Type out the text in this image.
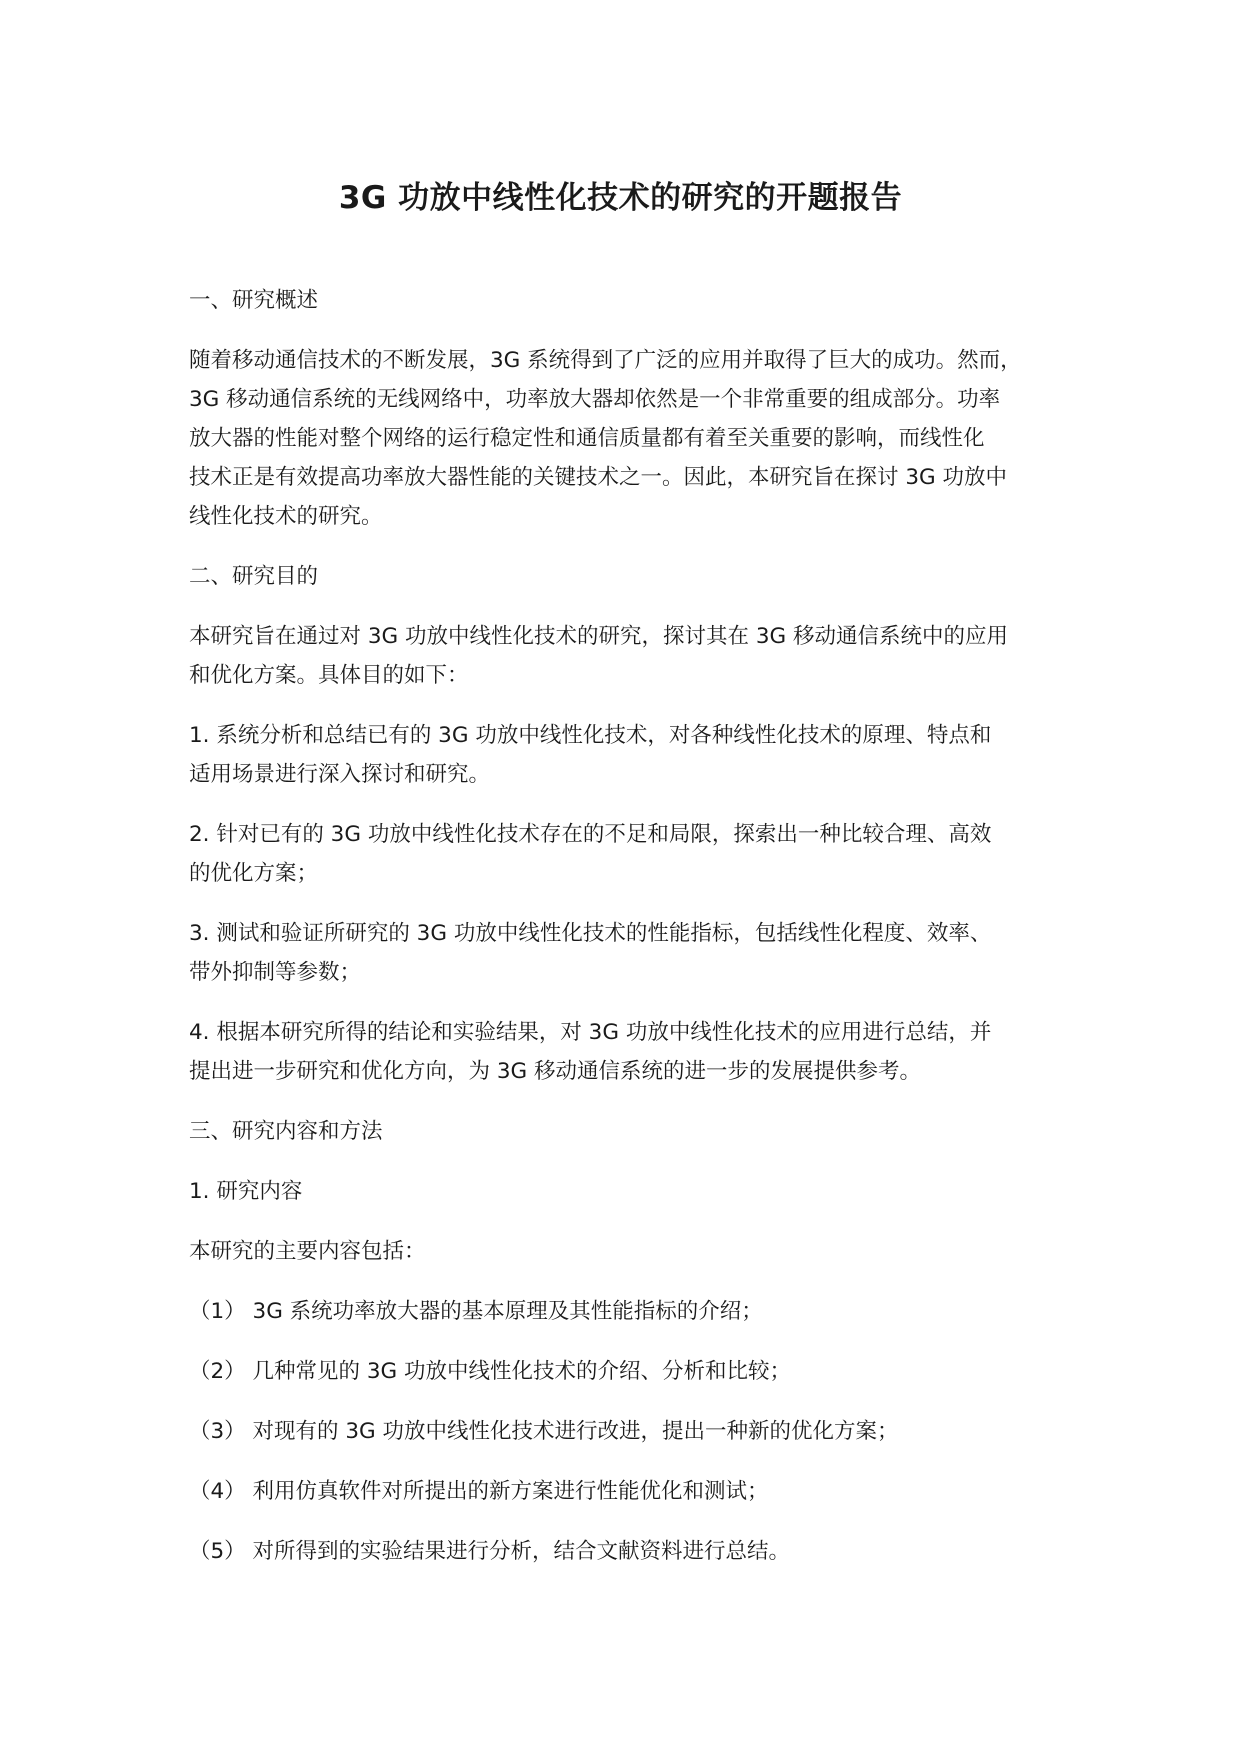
3G 功放中线性化技术的研究的开题报告

一、研究概述

随着移动通信技术的不断发展，3G 系统得到了广泛的应用并取得了巨大的成功。然而，

3G 移动通信系统的无线网络中，功率放大器却依然是一个非常重要的组成部分。功率

放大器的性能对整个网络的运行稳定性和通信质量都有着至关重要的影响，而线性化

技术正是有效提高功率放大器性能的关键技术之一。因此，本研究旨在探讨 3G 功放中

线性化技术的研究。

二、研究目的

本研究旨在通过对 3G 功放中线性化技术的研究，探讨其在 3G 移动通信系统中的应用

和优化方案。具体目的如下：

1. 系统分析和总结已有的 3G 功放中线性化技术，对各种线性化技术的原理、特点和

适用场景进行深入探讨和研究。

2. 针对已有的 3G 功放中线性化技术存在的不足和局限，探索出一种比较合理、高效

的优化方案；

3. 测试和验证所研究的 3G 功放中线性化技术的性能指标，包括线性化程度、效率、

带外抑制等参数；

4. 根据本研究所得的结论和实验结果，对 3G 功放中线性化技术的应用进行总结，并

提出进一步研究和优化方向，为 3G 移动通信系统的进一步的发展提供参考。

三、研究内容和方法

1. 研究内容

本研究的主要内容包括：

（1） 3G 系统功率放大器的基本原理及其性能指标的介绍；

（2） 几种常见的 3G 功放中线性化技术的介绍、分析和比较；

（3） 对现有的 3G 功放中线性化技术进行改进，提出一种新的优化方案；

（4） 利用仿真软件对所提出的新方案进行性能优化和测试；

（5） 对所得到的实验结果进行分析，结合文献资料进行总结。
